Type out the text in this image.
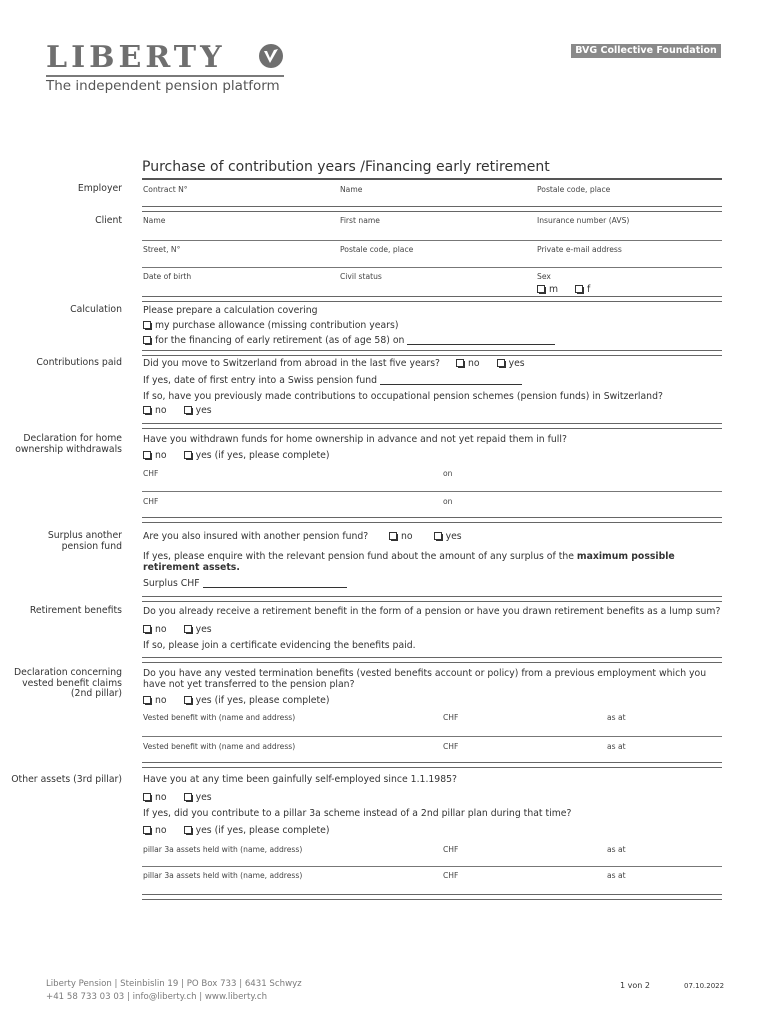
LIBERTY
The independent pension platform
BVG Collective Foundation
Purchase of contribution years /Financing early retirement
Employer	Contract N°	Name	Postale code, place
Client	Name	First name	Insurance number (AVS)
Street, N°	Postale code, place	Private e-mail address
Date of birth	Civil status	Sex
m	f
Calculation Please prepare a calculation covering
my purchase allowance (missing contribution years)
for the financing of early retirement (as of age 58) on
Contributions paid Did you move to Switzerland from abroad in the last five years?	no	yes
If yes, date of first entry into a Swiss pension fund
If so, have you previously made contributions to occupational pension schemes (pension funds) in Switzerland?
no	yes
Declaration for home ownership withdrawals
Have you withdrawn funds for home ownership in advance and not yet repaid them in full?
no	yes (if yes, please complete)
CHF	on
CHF	on
Surplus another pension fund
Are you also insured with another pension fund?	no	yes
If yes, please enquire with the relevant pension fund about the amount of any surplus of the maximum possible
retirement assets.
Surplus CHF
Retirement benefits Do you already receive a retirement benefit in the form of a pension or have you drawn retirement benefits as a lump sum?
no	yes
If so, please join a certificate evidencing the benefits paid.
Declaration concerning vested benefit claims (2nd pillar)
Do you have any vested termination benefits (vested benefits account or policy) from a previous employment which you
have not yet transferred to the pension plan?
no	yes (if yes, please complete)
Vested benefit with (name and address)	CHF	as at
Vested benefit with (name and address)	CHF	as at
Other assets (3rd pillar) Have you at any time been gainfully self-employed since 1.1.1985?
no	yes
If yes, did you contribute to a pillar 3a scheme instead of a 2nd pillar plan during that time?
no	yes (if yes, please complete)
pillar 3a assets held with (name, address)	CHF	as at
pillar 3a assets held with (name, address)	CHF	as at
Liberty Pension | Steinbislin 19 | PO Box 733 | 6431 Schwyz
+41 58 733 03 03 | info@liberty.ch | www.liberty.ch
1 von 2	07.10.2022
